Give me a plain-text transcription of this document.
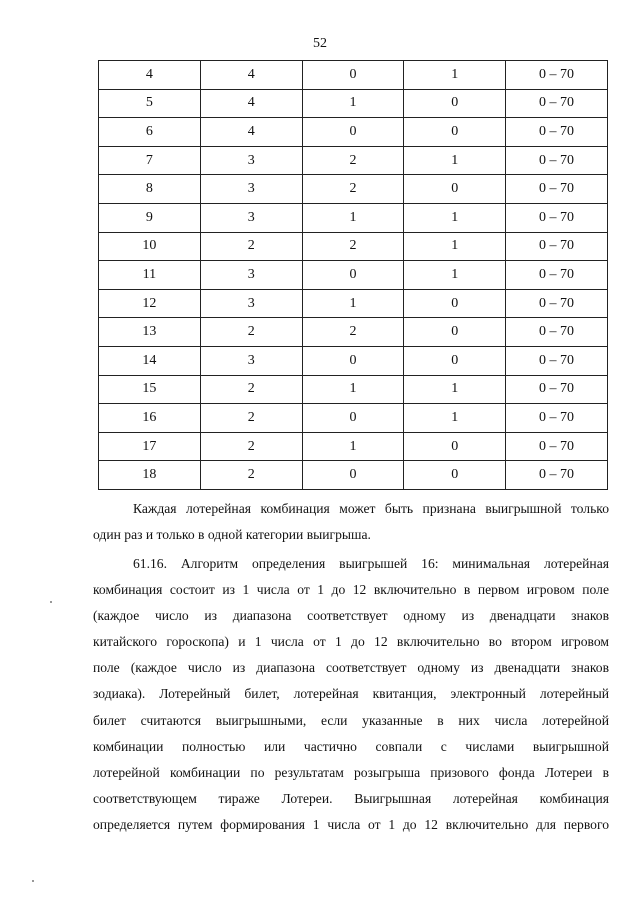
52
4	4	0	1	0 – 70
5	4	1	0	0 – 70
6	4	0	0	0 – 70
7	3	2	1	0 – 70
8	3	2	0	0 – 70
9	3	1	1	0 – 70
10	2	2	1	0 – 70
11	3	0	1	0 – 70
12	3	1	0	0 – 70
13	2	2	0	0 – 70
14	3	0	0	0 – 70
15	2	1	1	0 – 70
16	2	0	1	0 – 70
17	2	1	0	0 – 70
18	2	0	0	0 – 70
Каждая лотерейная комбинация может быть признана выигрышной только
один раз и только в одной категории выигрыша.
61.16. Алгоритм определения выигрышей 16: минимальная лотерейная
комбинация состоит из 1 числа от 1 до 12 включительно в первом игровом поле
(каждое число из диапазона соответствует одному из двенадцати знаков
китайского гороскопа) и 1 числа от 1 до 12 включительно во втором игровом
поле (каждое число из диапазона соответствует одному из двенадцати знаков
зодиака). Лотерейный билет, лотерейная квитанция, электронный лотерейный
билет считаются выигрышными, если указанные в них числа лотерейной
комбинации полностью или частично совпали с числами выигрышной
лотерейной комбинации по результатам розыгрыша призового фонда Лотереи в
соответствующем тираже Лотереи. Выигрышная лотерейная комбинация
определяется путем формирования 1 числа от 1 до 12 включительно для первого
